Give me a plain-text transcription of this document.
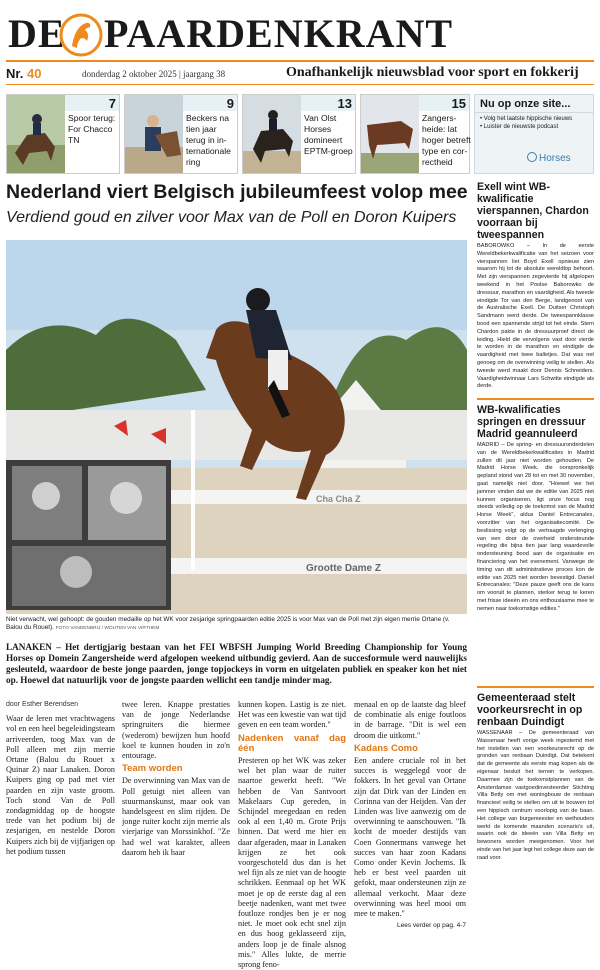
DE PAARDENKRANT
Nr. 40	donderdag 2 oktober 2025 | jaargang 38	Onafhankelijk nieuwsblad voor sport en fokkerij
7
Spoor terug:
For Chacco
TN
9
Beckers na
tien jaar
terug in in-
ternationale
ring
13
Van Olst
Horses
domineert
EPTM-groep
15
Zangers-
heide: lat
hoger betreft
type en cor-
rectheid
Nu op onze site...
• Volg het laatste hippische nieuws
• Luister de nieuwste podcast
Horses
Nederland viert Belgisch jubileumfeest volop mee
Verdiend goud en zilver voor Max van de Poll en Doron Kuipers
Cha Cha Z
Grootte Dame Z
Niet verwacht, wel gehoopt: de gouden medaille op het WK voor zesjarige springpaarden editie 2025 is voor Max van de Poll met zijn eigen merrie Ortane (v. Balou du Rouet). FOTO VANDENBRIJ / WOUTEN VAN VIRTHEM
LANAKEN – Het dertigjarig bestaan van het FEI WBFSH Jumping World Breeding Championship for Young Horses op Domein Zangersheide werd afgelopen weekend uitbundig gevierd. Aan de succesformule werd nauwelijks gesleuteld, waardoor de beste jonge paarden, jonge topjockeys in vorm en uitgelaten publiek en speaker kon het niet op. Hoewel dat natuurlijk voor de jongste paarden wellicht een tandje minder mag.
door Esther Berendsen

Waar de leren met vrachtwagens vol en een heel begeleidingsteam arriveerden, toog Max van de Poll alleen met zijn merrie Ortane (Balou du Rouet x Quinar Z) naar Lanaken. Doron Kuipers ging op pad met vier paarden en zijn vaste groom. Toch stond Van de Poll zondagmiddag op de hoogste trede van het podium bij de zesjarigen, en nestelde Doron Kuipers zich bij de vijfjarigen op het podium tussen

twee leren. Knappe prestaties van de jonge Nederlandse springruiters die hiermee (wederom) bewijzen hun hoofd koel te kunnen houden in zo'n entourage.

Team worden

De overwinning van Max van de Poll getuigt niet alleen van stuurmanskunst, maar ook van handelsgeest en slim rijden. De jonge ruiter kocht zijn merrie als vierjarige van Morssinkhof. "Ze had wel wat karakter, alleen daarom heb ik haar

kunnen kopen. Lastig is ze niet. Het was een kwestie van wat tijd geven en een team worden."

Nadenken vanaf dag één

Presteren op het WK was zeker wel het plan waar de ruiter naartoe gewerkt heeft. "We hebben de Van Santvoort Makelaars Cup gereden, in Schijndel meegedaan en reden ook al een 1,40 m. Grote Prijs binnen. Dat werd me hier en daar afgeraden, maar in Lanaken krijgen ze het ook voorgeschoteld dus dan is het wel fijn als ze niet van de hoogte schrikken. Eenmaal op het WK moet je op de eerste dag al een beetje nadenken, want met twee foutloze rondjes ben je er nog niet. Je moet ook echt snel zijn en dus hoog geklasseerd zijn, anders loop je de finale alsnog mis." Alles lukte, de merrie sprong feno-

menaal en op de laatste dag bleef de combinatie als enige foutloos in de barrage. "Dit is wel een droom die uitkomt."

Kadans Como

Een andere cruciale rol in het succes is weggelegd voor de fokkers. In het geval van Ortane zijn dat Dirk van der Linden en Corinna van der Heijden. Van der Linden was live aanwezig om de overwinning te aanschouwen. "Ik kocht de moeder destijds van Coen Gonnermans vanwege het succes van haar zoon Kadans Como onder Kevin Jochems. Ik heb er best veel paarden uit gefokt, maar ondersteunen zijn ze allemaal verkocht. Maar deze overwinning was heel mooi om mee te maken."

Lees verder op pag. 4-7
Exell wint WB-kwalificatie vierspannen, Chardon voorraan bij tweespannen
BABOROWKO – In de eerste Wereldbekerkwalificatie van het seizoen voor vierspannen liet Boyd Exell opnieuw zien waarom hij tot de absolute wereldtop behoort. Met zijn vierspannen zegevierde hij afgelopen weekend in het Poolse Baborowko de dressuur, marathon en vaardigheid. Als tweede eindigde Tor van den Berge, landgenoot van de Australische Exell. De Duitser Christoph Sandmann werd derde. De tweespannklasse bood een spannende strijd tot het einde. Stern Chardon pakte in de dressuurproef direct de leiding. Hield die vervolgens vast door vierde te worden in de marathon en eindigde de vaardigheid met twee balletjes. Dat was net genoeg om de overwinning veilig te stellen. Als tweede werd maakt door Dennis Schneiders. Vaardigheidwinnaar Lars Schwitte eindigde als derde.
WB-kwalificaties springen en dressuur Madrid geannuleerd
MADRID – De spring- en dressuuronderdelen van de Wereldbekerkwalificaties in Madrid zullen dit jaar niet worden gehouden. De Madrid Horse Week, die oorspronkelijk gepland stond van 28 tot en met 30 november, gaat namelijk niet door. "Hoewel we het jammer vinden dat we de editie van 2025 niet kunnen organiseren, ligt onze focus nog steeds volledig op de toekomst van de Madrid Horse Week", aldus Daniel Entrecanales, voorzitter van het organisatiecomité. De beslissing volgt op de vertraagde verlenging van een door de overheid ondersteunde regeling die bijna tien jaar lang waardevolle ondersteuning bood aan de organisatie en financiering van het evenement. Vanwege de timing van dit administratieve proces kon de editie van 2025 niet worden bevestigd. Daniel Entrecanales: "Deze pauze geeft ons de kans om vooruit te plannen, sterker terug te keren met frisse ideeën en ons enthousiasme mee te nemen naar toekomstige edities."
Gemeenteraad stelt voorkeursrecht in op renbaan Duindigt
WASSENAAR – De gemeenteraad van Wassenaar heeft vorige week ingestemd met het instellen van een voorkeursrecht op de gronden van renbaan Duindigt. Dat betekent dat de gemeente als eerste mag kopen als de eigenaar besluit het terrein te verkopen. Daarmee zijn de toekomstplannen van de Amsterdamse vastgoedinvesteerder Stichting Villa Betty om met woningbouw de renbaan financieel veilig te stellen om uit te bouwen tot een hippisch centrum voorlopig van de baan. Het college van burgemeester en wethouders werkt de komende maanden scenario's uit, waarin ook de ideeën van Villa Betty en bewoners worden meegenomen. Voor het einde van het jaar legt het college deze aan de raad voor.
